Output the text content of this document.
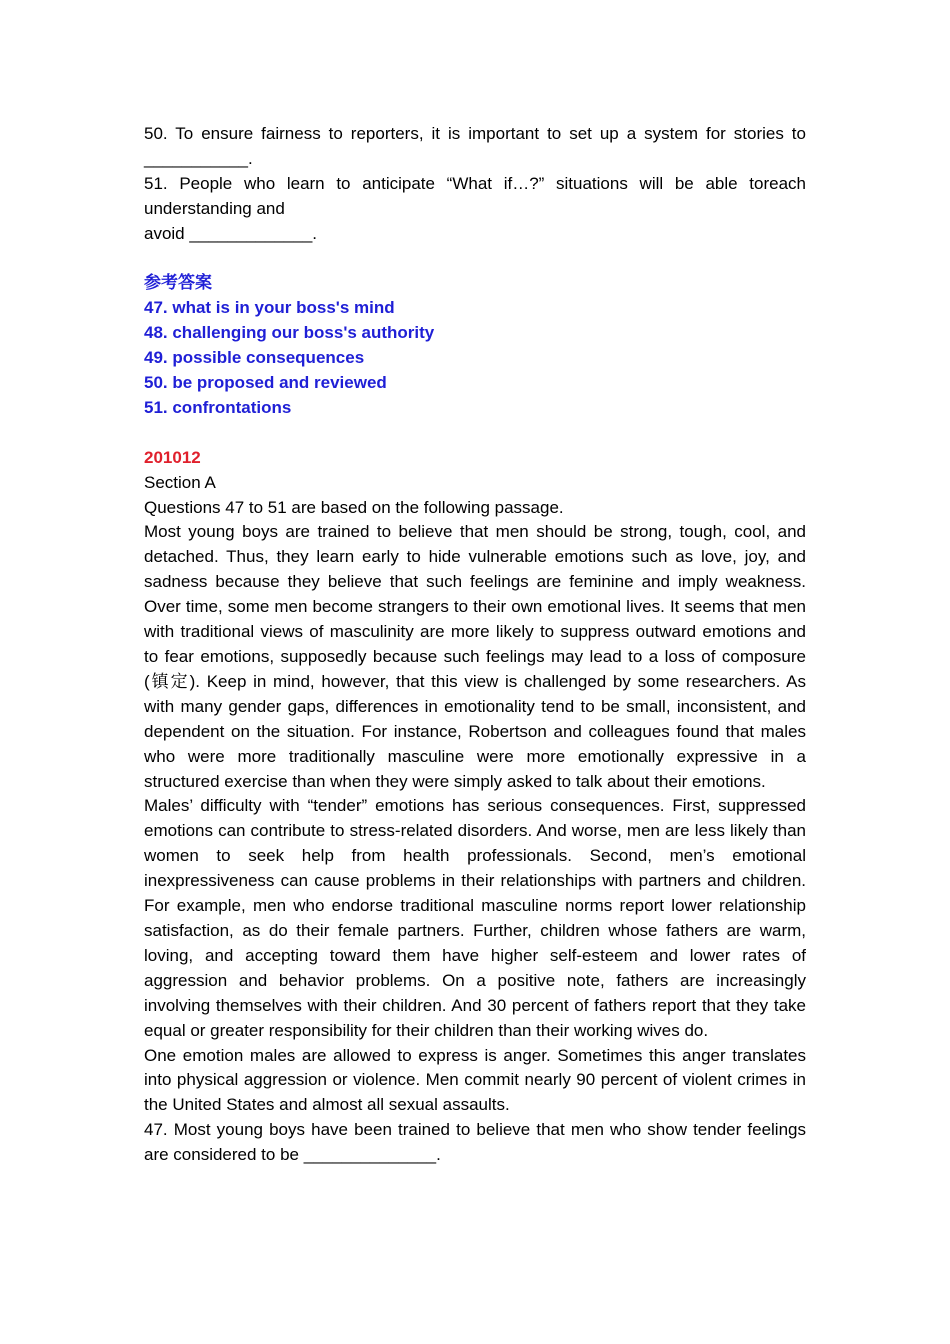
50. To ensure fairness to reporters, it is important to set up a system for stories to

___________.

51. People who learn to anticipate “What if…?” situations will be able toreach

understanding and

avoid _____________.

参考答案

47. what is in your boss's mind

48. challenging our boss's authority

49. possible consequences

50. be proposed and reviewed

51. confrontations

201012

Section A

Questions 47 to 51 are based on the following passage.

Most young boys are trained to believe that men should be strong, tough, cool, and detached. Thus, they learn early to hide vulnerable emotions such as love, joy, and sadness because they believe that such feelings are feminine and imply weakness. Over time, some men become strangers to their own emotional lives. It seems that men with traditional views of masculinity are more likely to suppress outward emotions and to fear emotions, supposedly because such feelings may lead to a loss of composure (镇定). Keep in mind, however, that this view is challenged by some researchers. As with many gender gaps, differences in emotionality tend to be small, inconsistent, and dependent on the situation. For instance, Robertson and colleagues found that males who were more traditionally masculine were more emotionally expressive in a structured exercise than when they were simply asked to talk about their emotions.

Males’ difficulty with “tender” emotions has serious consequences. First, suppressed emotions can contribute to stress-related disorders. And worse, men are less likely than women to seek help from health professionals. Second, men’s emotional inexpressiveness can cause problems in their relationships with partners and children. For example, men who endorse traditional masculine norms report lower relationship satisfaction, as do their female partners. Further, children whose fathers are warm, loving, and accepting toward them have higher self-esteem and lower rates of aggression and behavior problems. On a positive note, fathers are increasingly involving themselves with their children. And 30 percent of fathers report that they take equal or greater responsibility for their children than their working wives do.

One emotion males are allowed to express is anger. Sometimes this anger translates into physical aggression or violence. Men commit nearly 90 percent of violent crimes in the United States and almost all sexual assaults.

47. Most young boys have been trained to believe that men who show tender feelings are considered to be ______________.
